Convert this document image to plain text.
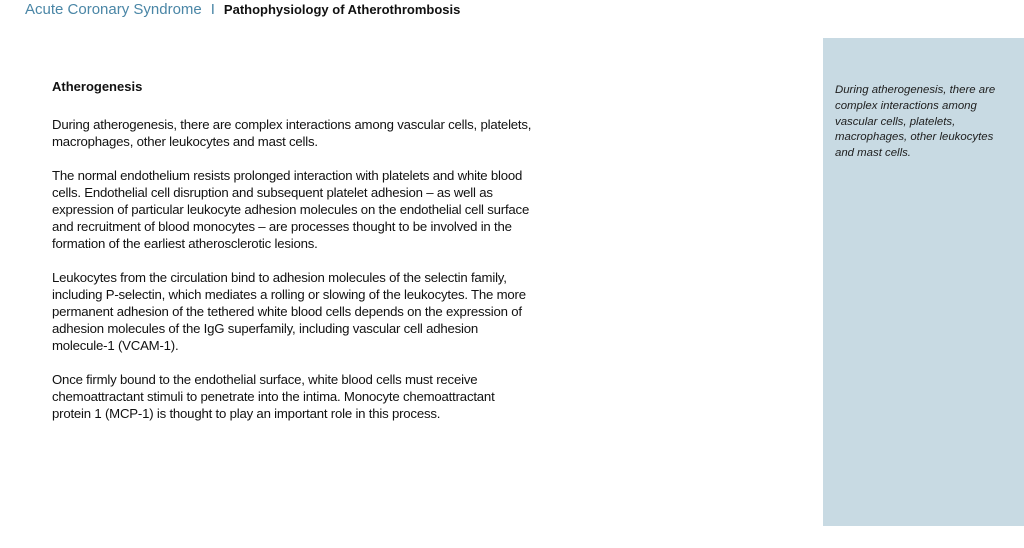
Acute Coronary Syndrome I Pathophysiology of Atherothrombosis
Atherogenesis

During atherogenesis, there are complex interactions among vascular cells, platelets, macrophages, other leukocytes and mast cells.

The normal endothelium resists prolonged interaction with platelets and white blood cells. Endothelial cell disruption and subsequent platelet adhesion – as well as expression of particular leukocyte adhesion molecules on the endothelial cell surface and recruitment of blood monocytes – are processes thought to be involved in the formation of the earliest atherosclerotic lesions.

Leukocytes from the circulation bind to adhesion molecules of the selectin family, including P-selectin, which mediates a rolling or slowing of the leukocytes. The more permanent adhesion of the tethered white blood cells depends on the expression of adhesion molecules of the IgG superfamily, including vascular cell adhesion molecule-1 (VCAM-1).

Once firmly bound to the endothelial surface, white blood cells must receive chemoattractant stimuli to penetrate into the intima. Monocyte chemoattractant protein 1 (MCP-1) is thought to play an important role in this process.

During atherogenesis, there are complex interactions among vascular cells, platelets, macrophages, other leukocytes and mast cells.
